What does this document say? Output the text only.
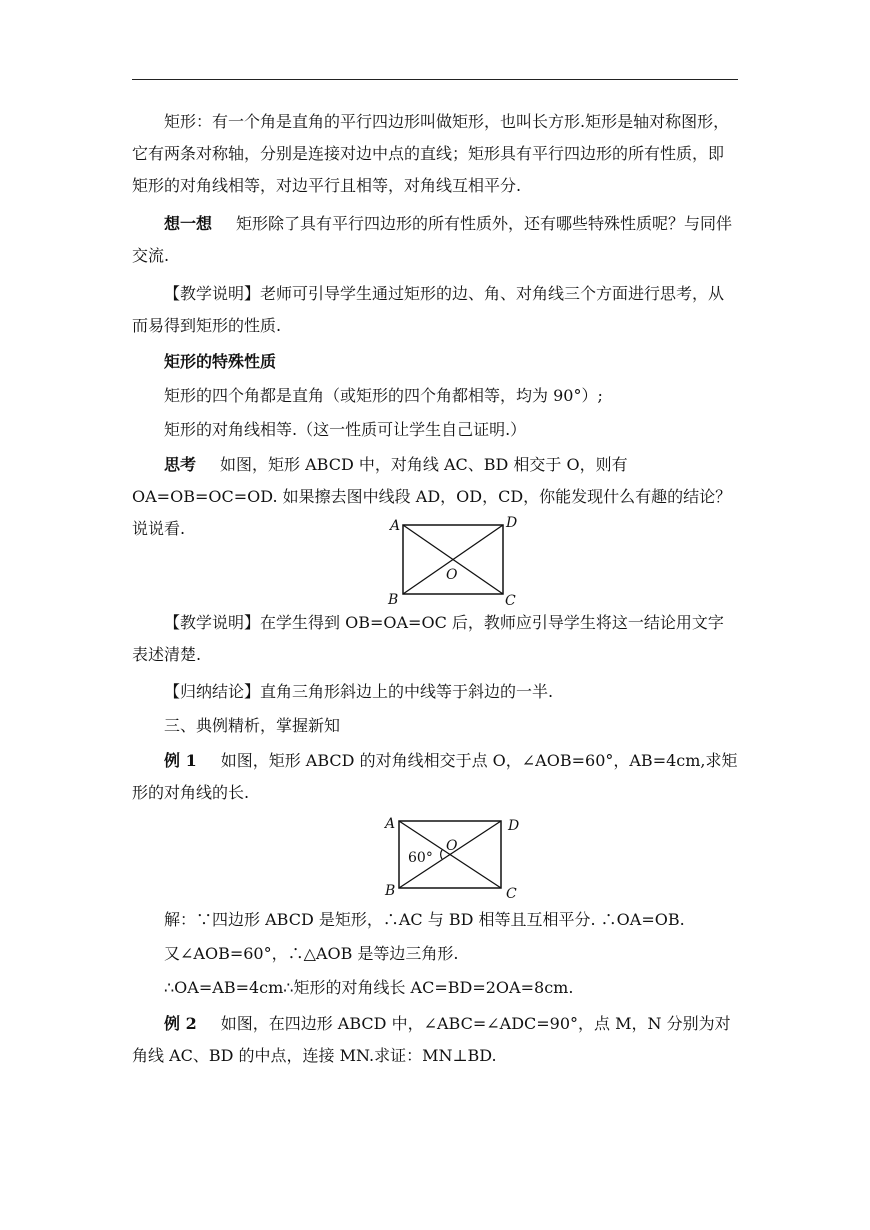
矩形：有一个角是直角的平行四边形叫做矩形，也叫长方形.矩形是轴对称图形，它有两条对称轴，分别是连接对边中点的直线；矩形具有平行四边形的所有性质，即矩形的对角线相等，对边平行且相等，对角线互相平分.
想一想 矩形除了具有平行四边形的所有性质外，还有哪些特殊性质呢？与同伴交流.
【教学说明】老师可引导学生通过矩形的边、角、对角线三个方面进行思考，从而易得到矩形的性质.
矩形的特殊性质
矩形的四个角都是直角（或矩形的四个角都相等，均为 90°）;
矩形的对角线相等.（这一性质可让学生自己证明.）
思考 如图，矩形 ABCD 中，对角线 AC、BD 相交于 O，则有 OA=OB=OC=OD. 如果擦去图中线段 AD，OD，CD，你能发现什么有趣的结论？说说看.	A	D
B	C
O
【教学说明】在学生得到 OB=OA=OC 后，教师应引导学生将这一结论用文字表述清楚.
【归纳结论】直角三角形斜边上的中线等于斜边的一半.
三、典例精析，掌握新知
例 1 如图，矩形 ABCD 的对角线相交于点 O，∠AOB=60°，AB=4cm,求矩形的对角线的长.
A	D
B	C
O
60°
解：∵四边形 ABCD 是矩形，∴AC 与 BD 相等且互相平分. ∴OA=OB.
又∠AOB=60°，∴△AOB 是等边三角形.
∴OA=AB=4cm∴矩形的对角线长 AC=BD=2OA=8cm.
例 2 如图，在四边形 ABCD 中，∠ABC=∠ADC=90°，点 M，N 分别为对角线 AC、BD 的中点，连接 MN.求证：MN⊥BD.
